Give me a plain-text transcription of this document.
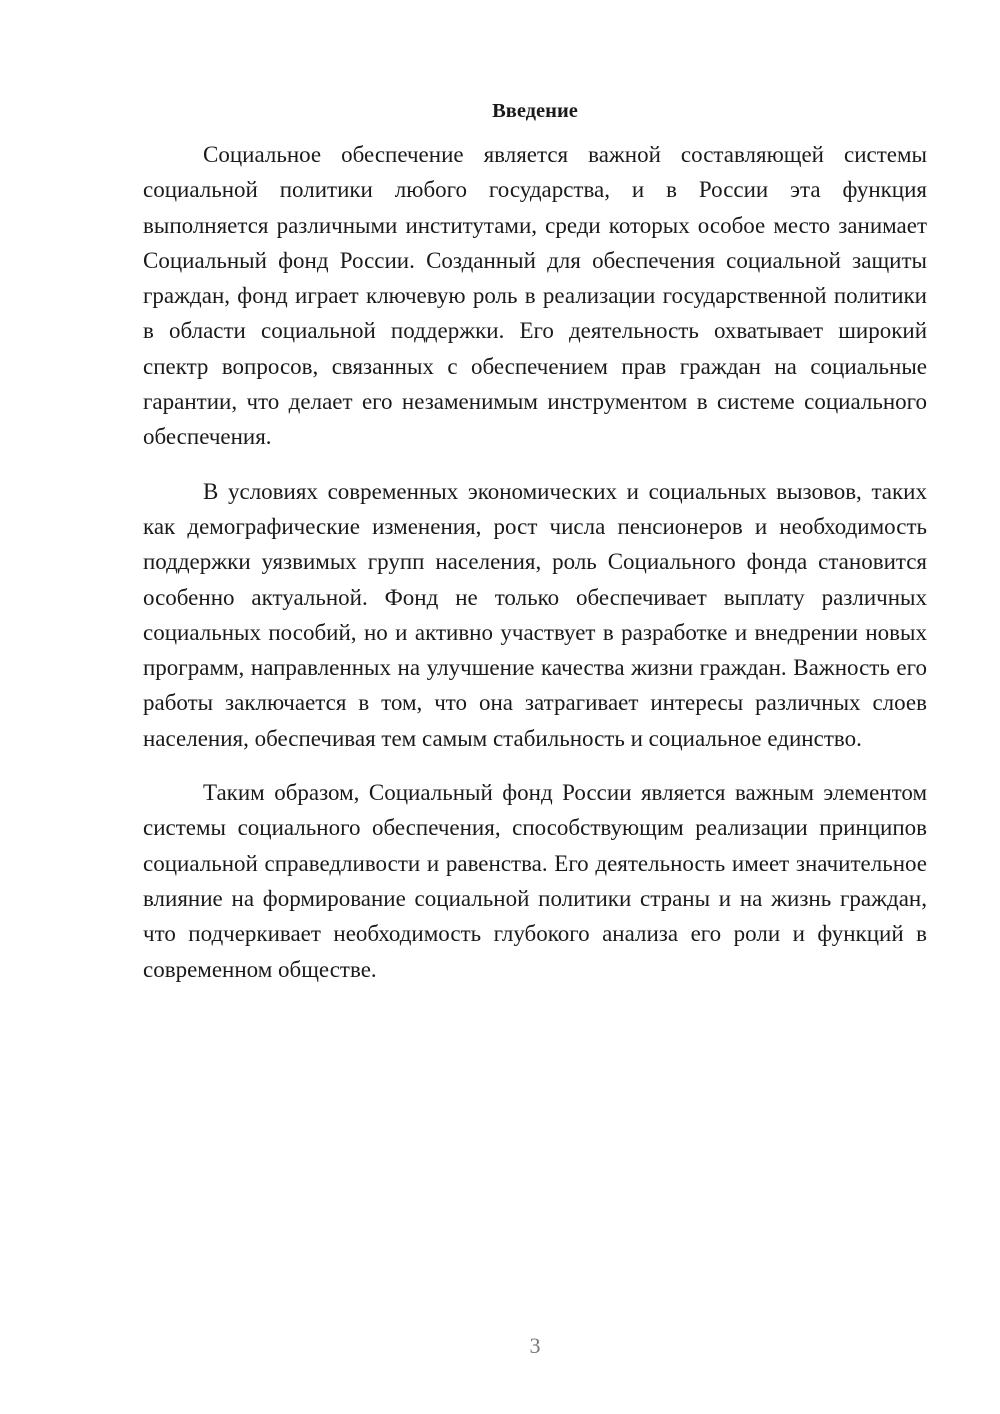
Введение

Социальное обеспечение является важной составляющей системы социальной политики любого государства, и в России эта функция выполняется различными институтами, среди которых особое место занимает Социальный фонд России. Созданный для обеспечения социальной защиты граждан, фонд играет ключевую роль в реализации государственной политики в области социальной поддержки. Его деятельность охватывает широкий спектр вопросов, связанных с обеспечением прав граждан на социальные гарантии, что делает его незаменимым инструментом в системе социального обеспечения.

В условиях современных экономических и социальных вызовов, таких как демографические изменения, рост числа пенсионеров и необходимость поддержки уязвимых групп населения, роль Социального фонда становится особенно актуальной. Фонд не только обеспечивает выплату различных социальных пособий, но и активно участвует в разработке и внедрении новых программ, направленных на улучшение качества жизни граждан. Важность его работы заключается в том, что она затрагивает интересы различных слоев населения, обеспечивая тем самым стабильность и социальное единство.

Таким образом, Социальный фонд России является важным элементом системы социального обеспечения, способствующим реализации принципов социальной справедливости и равенства. Его деятельность имеет значительное влияние на формирование социальной политики страны и на жизнь граждан, что подчеркивает необходимость глубокого анализа его роли и функций в современном обществе.

3
